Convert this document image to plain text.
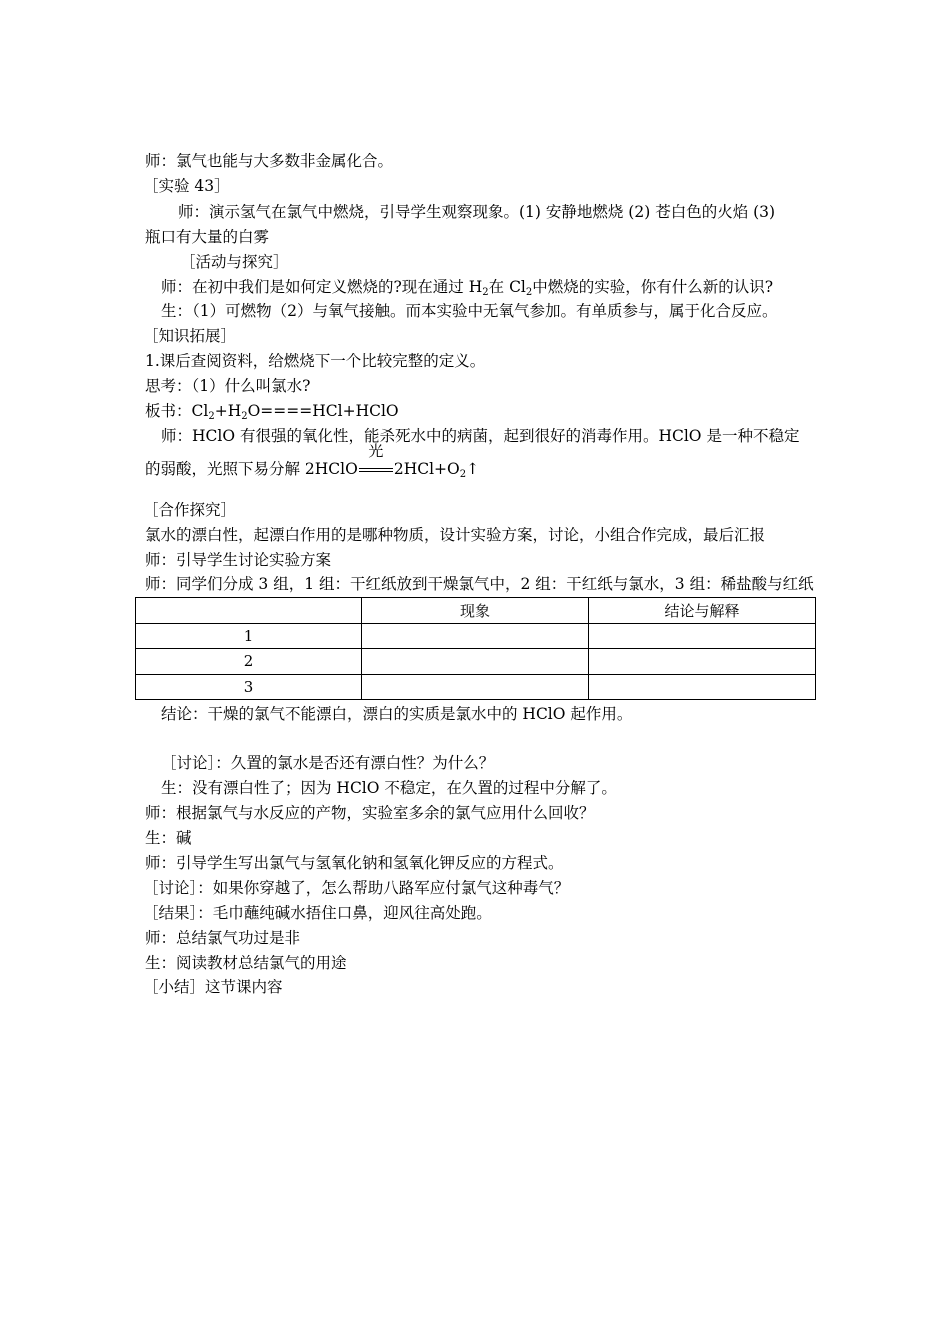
师：氯气也能与大多数非金属化合。
［实验 43］
师：演示氢气在氯气中燃烧，引导学生观察现象。(1) 安静地燃烧 (2) 苍白色的火焰 (3)
瓶口有大量的白雾
［活动与探究］
师：在初中我们是如何定义燃烧的?现在通过 $H_2$在 $Cl_2$中燃烧的实验，你有什么新的认识?
生：（1）可燃物（2）与氧气接触。而本实验中无氧气参加。有单质参与，属于化合反应。
［知识拓展］
1.课后查阅资料，给燃烧下一个比较完整的定义。
思考：（1）什么叫氯水?
板书：$Cl_2+H_2O====HCl+HClO$
师：HClO 有很强的氧化性，能杀死水中的病菌，起到很好的消毒作用。HClO 是一种不稳定
的弱酸，光照下易分解 2HClO
光
$2HCl+O_2↑$
［合作探究］
氯水的漂白性，起漂白作用的是哪种物质，设计实验方案，讨论，小组合作完成，最后汇报
师：引导学生讨论实验方案
师：同学们分成 3 组，1 组：干红纸放到干燥氯气中，2 组：干红纸与氯水，3 组：稀盐酸与红纸
	现象	结论与解释
1		
2		
3		
结论：干燥的氯气不能漂白，漂白的实质是氯水中的 HClO 起作用。
［讨论］：久置的氯水是否还有漂白性？为什么？
生：没有漂白性了；因为 HClO 不稳定，在久置的过程中分解了。
师：根据氯气与水反应的产物，实验室多余的氯气应用什么回收？
生：碱
师：引导学生写出氯气与氢氧化钠和氢氧化钾反应的方程式。
［讨论］：如果你穿越了，怎么帮助八路军应付氯气这种毒气？
［结果］：毛巾蘸纯碱水捂住口鼻，迎风往高处跑。
师：总结氯气功过是非
生：阅读教材总结氯气的用途
［小结］这节课内容
